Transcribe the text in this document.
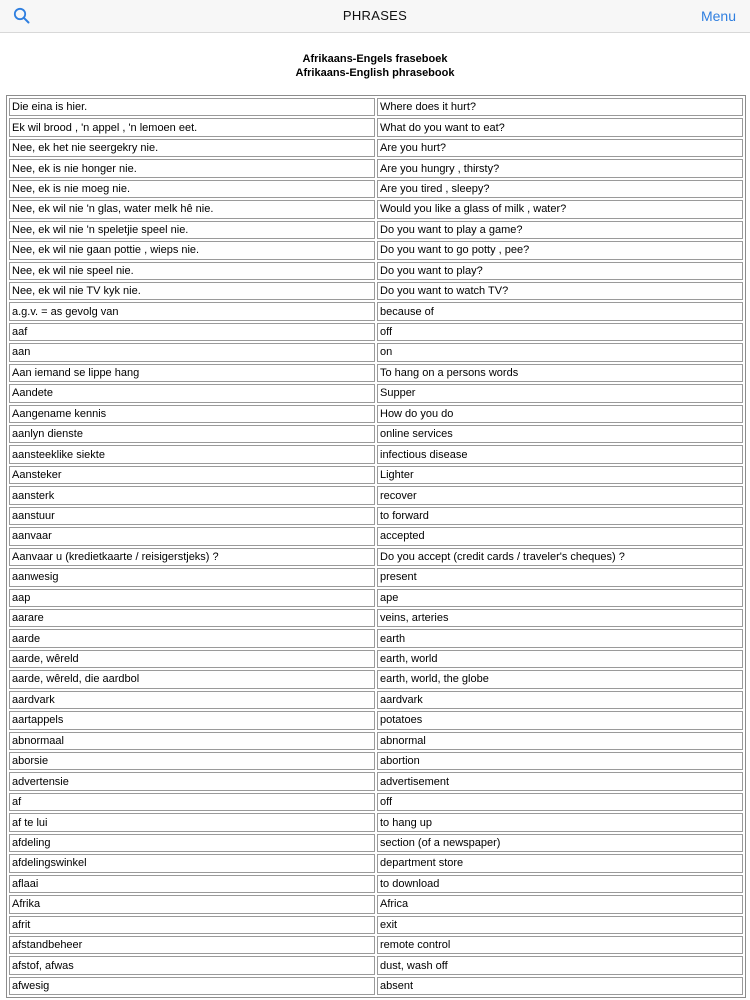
PHRASES	Menu
Afrikaans-Engels fraseboek
Afrikaans-English phrasebook
Die eina is hier.	Where does it hurt?
Ek wil brood , 'n appel , 'n lemoen eet.	What do you want to eat?
Nee, ek het nie seergekry nie.	Are you hurt?
Nee, ek is nie honger nie.	Are you hungry , thirsty?
Nee, ek is nie moeg nie.	Are you tired , sleepy?
Nee, ek wil nie 'n glas, water melk hê nie.	Would you like a glass of milk , water?
Nee, ek wil nie 'n speletjie speel nie.	Do you want to play a game?
Nee, ek wil nie gaan pottie , wieps nie.	Do you want to go potty , pee?
Nee, ek wil nie speel nie.	Do you want to play?
Nee, ek wil nie TV kyk nie.	Do you want to watch TV?
a.g.v. = as gevolg van	because of
aaf	off
aan	on
Aan iemand se lippe hang	To hang on a persons words
Aandete	Supper
Aangename kennis	How do you do
aanlyn dienste	online services
aansteeklike siekte	infectious disease
Aansteker	Lighter
aansterk	recover
aanstuur	to forward
aanvaar	accepted
Aanvaar u (kredietkaarte / reisigerstjeks) ?	Do you accept (credit cards / traveler's cheques) ?
aanwesig	present
aap	ape
aarare	veins, arteries
aarde	earth
aarde, wêreld	earth, world
aarde, wêreld, die aardbol	earth, world, the globe
aardvark	aardvark
aartappels	potatoes
abnormaal	abnormal
aborsie	abortion
advertensie	advertisement
af	off
af te lui	to hang up
afdeling	section (of a newspaper)
afdelingswinkel	department store
aflaai	to download
Afrika	Africa
afrit	exit
afstandbeheer	remote control
afstof, afwas	dust, wash off
afwesig	absent
